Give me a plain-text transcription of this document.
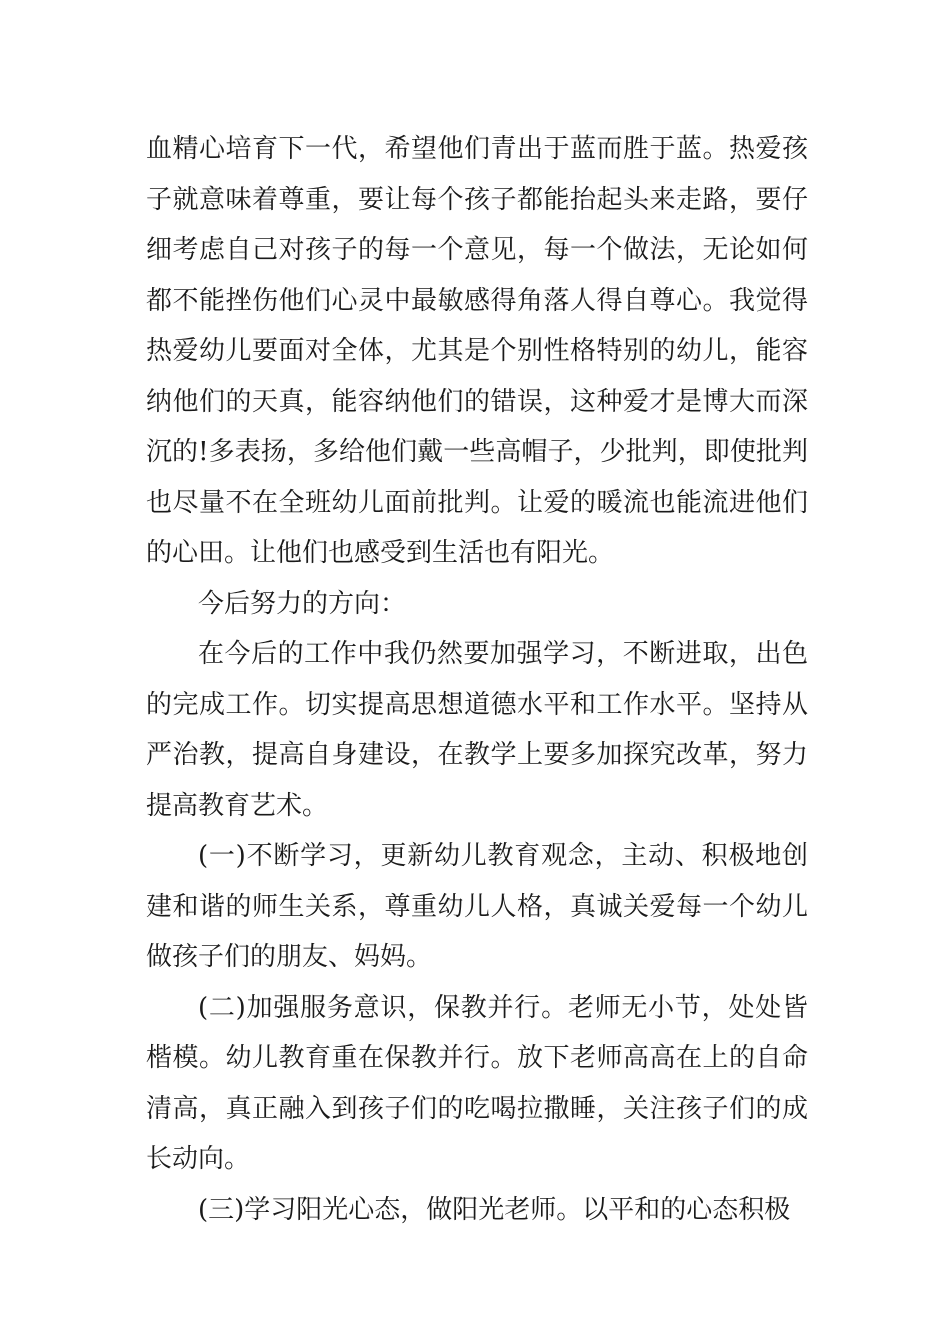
血精心培育下一代，希望他们青出于蓝而胜于蓝。热爱孩
子就意味着尊重，要让每个孩子都能抬起头来走路，要仔
细考虑自己对孩子的每一个意见，每一个做法，无论如何
都不能挫伤他们心灵中最敏感得角落人得自尊心。我觉得
热爱幼儿要面对全体，尤其是个别性格特别的幼儿，能容
纳他们的天真，能容纳他们的错误，这种爱才是博大而深
沉的!多表扬，多给他们戴一些高帽子，少批判，即使批判
也尽量不在全班幼儿面前批判。让爱的暖流也能流进他们
的心田。让他们也感受到生活也有阳光。
今后努力的方向：
在今后的工作中我仍然要加强学习，不断进取，出色
的完成工作。切实提高思想道德水平和工作水平。坚持从
严治教，提高自身建设，在教学上要多加探究改革，努力
提高教育艺术。
(一)不断学习，更新幼儿教育观念，主动、积极地创
建和谐的师生关系，尊重幼儿人格，真诚关爱每一个幼儿
做孩子们的朋友、妈妈。
(二)加强服务意识，保教并行。老师无小节，处处皆
楷模。幼儿教育重在保教并行。放下老师高高在上的自命
清高，真正融入到孩子们的吃喝拉撒睡，关注孩子们的成
长动向。
(三)学习阳光心态，做阳光老师。以平和的心态积极
